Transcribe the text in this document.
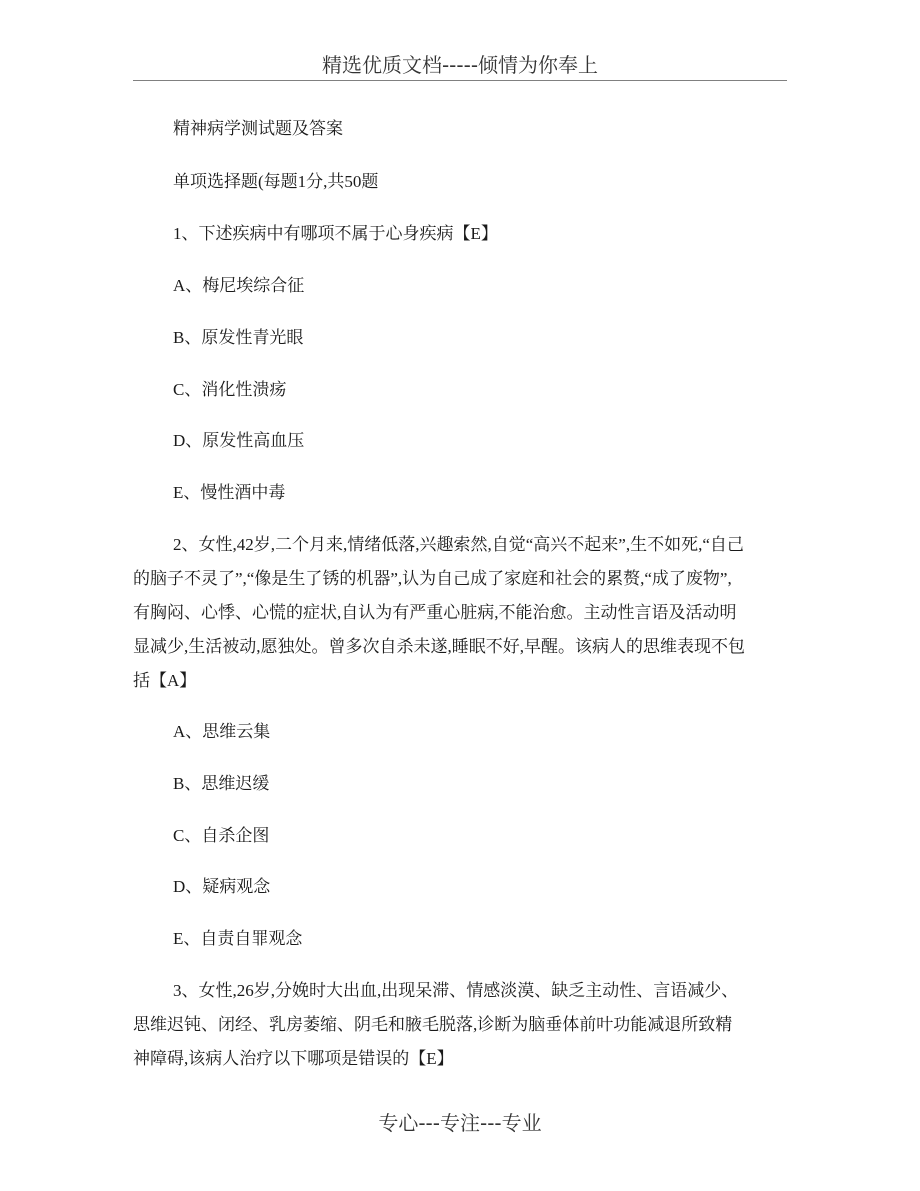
精选优质文档-----倾情为你奉上
精神病学测试题及答案
单项选择题(每题1分,共50题
1、下述疾病中有哪项不属于心身疾病【E】
A、梅尼埃综合征
B、原发性青光眼
C、消化性溃疡
D、原发性高血压
E、慢性酒中毒
2、女性,42岁,二个月来,情绪低落,兴趣索然,自觉“高兴不起来”,生不如死,“自己
的脑子不灵了”,“像是生了锈的机器”,认为自己成了家庭和社会的累赘,“成了废物”,
有胸闷、心悸、心慌的症状,自认为有严重心脏病,不能治愈。主动性言语及活动明
显减少,生活被动,愿独处。曾多次自杀未遂,睡眠不好,早醒。该病人的思维表现不包
括【A】
A、思维云集
B、思维迟缓
C、自杀企图
D、疑病观念
E、自责自罪观念
3、女性,26岁,分娩时大出血,出现呆滞、情感淡漠、缺乏主动性、言语减少、
思维迟钝、闭经、乳房萎缩、阴毛和腋毛脱落,诊断为脑垂体前叶功能减退所致精
神障碍,该病人治疗以下哪项是错误的【E】
专心---专注---专业
